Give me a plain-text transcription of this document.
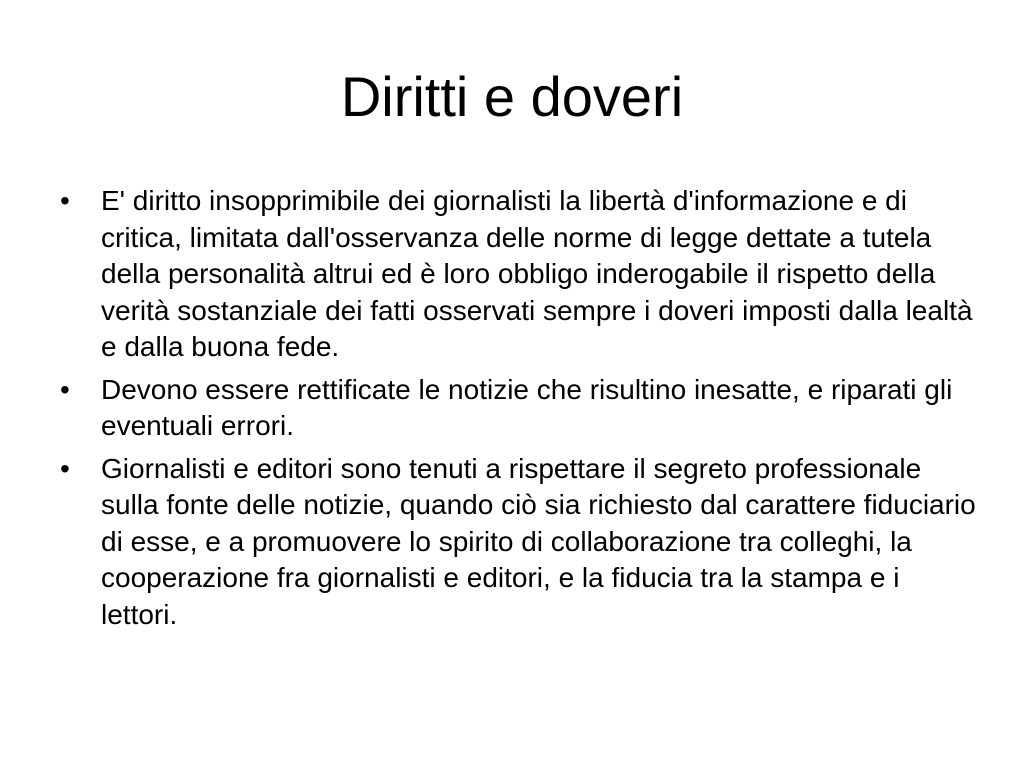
Diritti e doveri
•	E' diritto insopprimibile dei giornalisti la libertà d'informazione e di critica, limitata dall'osservanza delle norme di legge dettate a tutela della personalità altrui ed è loro obbligo inderogabile il rispetto della verità sostanziale dei fatti osservati sempre i doveri imposti dalla lealtà e dalla buona fede.
•	Devono essere rettificate le notizie che risultino inesatte, e riparati gli eventuali errori.
•	Giornalisti e editori sono tenuti a rispettare il segreto professionale sulla fonte delle notizie, quando ciò sia richiesto dal carattere fiduciario di esse, e a promuovere lo spirito di collaborazione tra colleghi, la cooperazione fra giornalisti e editori, e la fiducia tra la stampa e i lettori.
